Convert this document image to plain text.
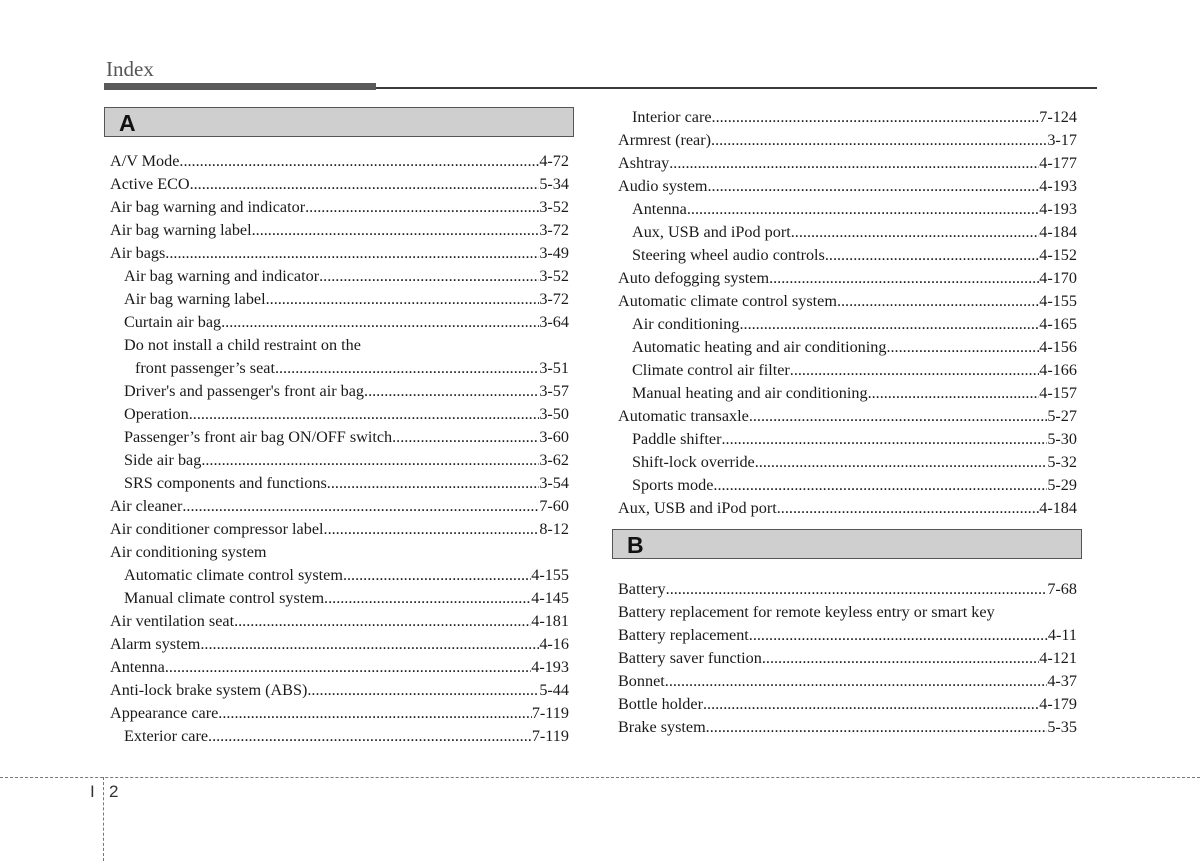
Index
A
A/V Mode .....	4-72
Active ECO .....	5-34
Air bag warning and indicator .....	3-52
Air bag warning label .....	3-72
Air bags .....	3-49
Air bag warning and indicator .....	3-52
Air bag warning label .....	3-72
Curtain air bag .....	3-64
Do not install a child restraint on the
front passenger’s seat .....	3-51
Driver's and passenger's front air bag .....	3-57
Operation .....	3-50
Passenger’s front air bag ON/OFF switch .....	3-60
Side air bag .....	3-62
SRS components and functions .....	3-54
Air cleaner .....	7-60
Air conditioner compressor label .....	8-12
Air conditioning system
Automatic climate control system .....	4-155
Manual climate control system .....	4-145
Air ventilation seat .....	4-181
Alarm system .....	4-16
Antenna .....	4-193
Anti-lock brake system (ABS) .....	5-44
Appearance care .....	7-119
Exterior care .....	7-119
Interior care .....	7-124
Armrest (rear) .....	3-17
Ashtray .....	4-177
Audio system .....	4-193
Antenna .....	4-193
Aux, USB and iPod port .....	4-184
Steering wheel audio controls .....	4-152
Auto defogging system .....	4-170
Automatic climate control system .....	4-155
Air conditioning .....	4-165
Automatic heating and air conditioning .....	4-156
Climate control air filter .....	4-166
Manual heating and air conditioning .....	4-157
Automatic transaxle .....	5-27
Paddle shifter .....	5-30
Shift-lock override .....	5-32
Sports mode .....	5-29
Aux, USB and iPod port .....	4-184
B
Battery .....	7-68
Battery replacement for remote keyless entry or smart key
Battery replacement .....	4-11
Battery saver function .....	4-121
Bonnet .....	4-37
Bottle holder .....	4-179
Brake system .....	5-35
I 2
